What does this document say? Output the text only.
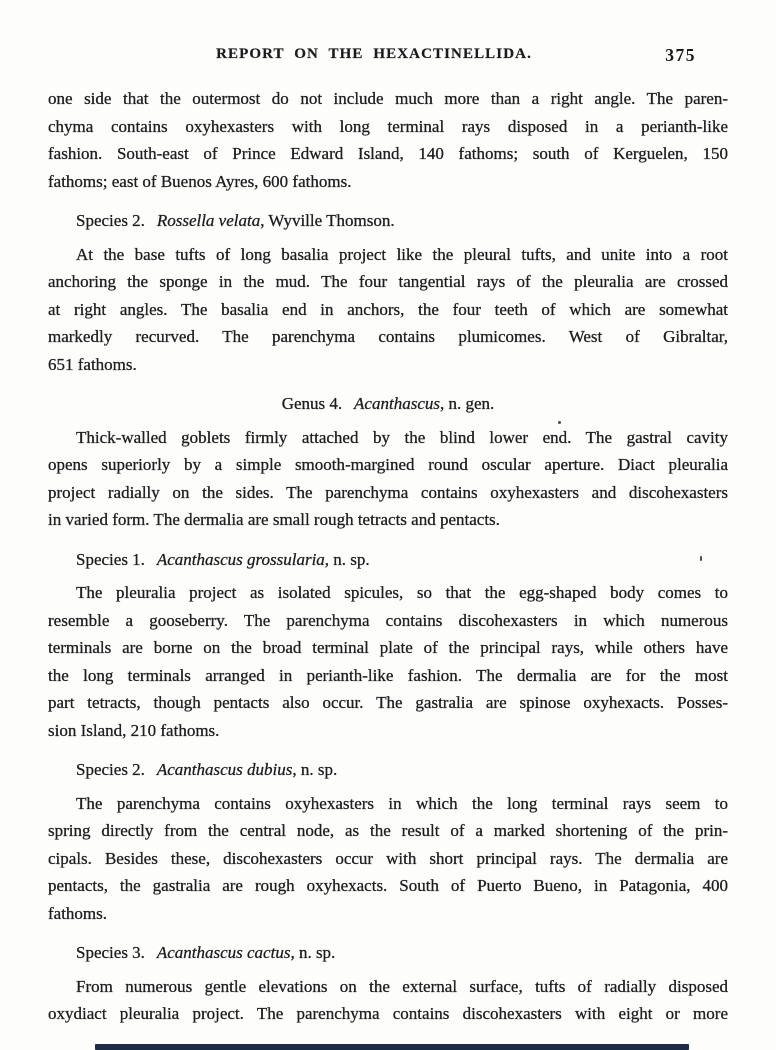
REPORT ON THE HEXACTINELLIDA.	375
one side that the outermost do not include much more than a right angle. The paren-
chyma contains oxyhexasters with long terminal rays disposed in a perianth-like
fashion. South-east of Prince Edward Island, 140 fathoms; south of Kerguelen, 150
fathoms; east of Buenos Ayres, 600 fathoms.
Species 2. Rossella velata, Wyville Thomson.
At the base tufts of long basalia project like the pleural tufts, and unite into a root
anchoring the sponge in the mud. The four tangential rays of the pleuralia are crossed
at right angles. The basalia end in anchors, the four teeth of which are somewhat
markedly recurved. The parenchyma contains plumicomes. West of Gibraltar,
651 fathoms.
Genus 4. Acanthascus, n. gen.
Thick-walled goblets firmly attached by the blind lower end. The gastral cavity
opens superiorly by a simple smooth-margined round oscular aperture. Diact pleuralia
project radially on the sides. The parenchyma contains oxyhexasters and discohexasters
in varied form. The dermalia are small rough tetracts and pentacts.
Species 1. Acanthascus grossularia, n. sp.
The pleuralia project as isolated spicules, so that the egg-shaped body comes to
resemble a gooseberry. The parenchyma contains discohexasters in which numerous
terminals are borne on the broad terminal plate of the principal rays, while others have
the long terminals arranged in perianth-like fashion. The dermalia are for the most
part tetracts, though pentacts also occur. The gastralia are spinose oxyhexacts. Posses-
sion Island, 210 fathoms.
Species 2. Acanthascus dubius, n. sp.
The parenchyma contains oxyhexasters in which the long terminal rays seem to
spring directly from the central node, as the result of a marked shortening of the prin-
cipals. Besides these, discohexasters occur with short principal rays. The dermalia are
pentacts, the gastralia are rough oxyhexacts. South of Puerto Bueno, in Patagonia, 400
fathoms.
Species 3. Acanthascus cactus, n. sp.
From numerous gentle elevations on the external surface, tufts of radially disposed
oxydiact pleuralia project. The parenchyma contains discohexasters with eight or more
